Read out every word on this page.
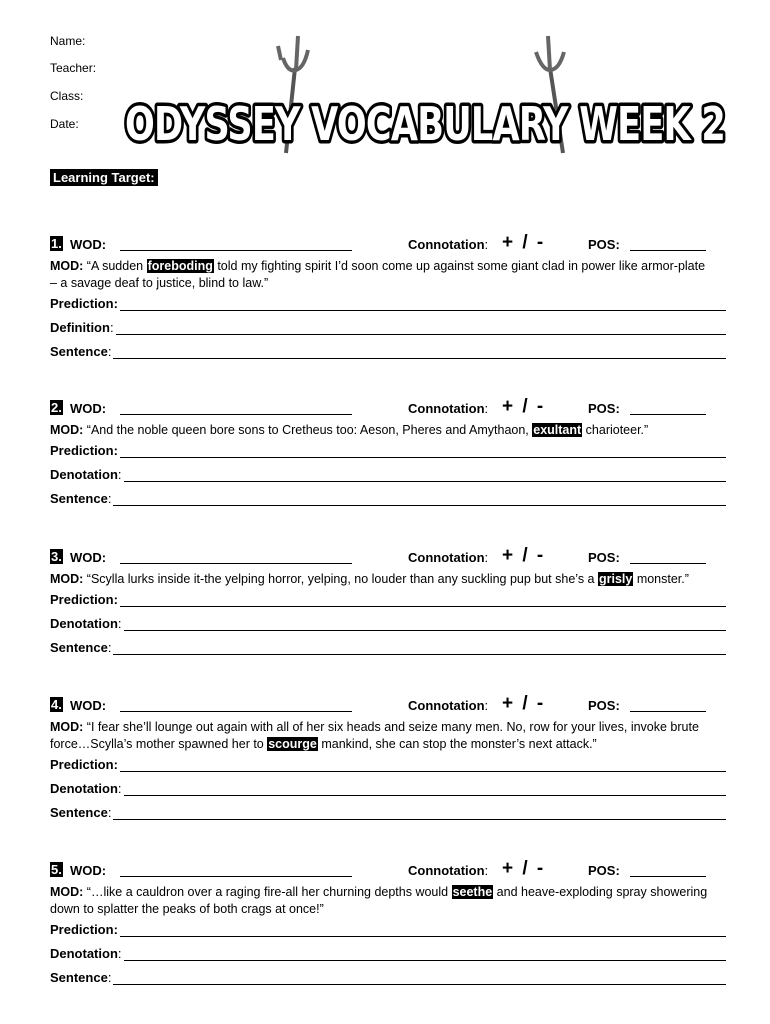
Name:
Teacher:
Class:
Date: ODYSSEY VOCABULARY WEEK 2
Learning Target:
1. WOD:	Connotation: + / -	POS:
MOD: “A sudden foreboding told my fighting spirit I’d soon come up against some giant clad in power like armor-plate – a savage deaf to justice, blind to law.”
Prediction:
Definition:
Sentence:
2. WOD:	Connotation: + / -	POS:
MOD: “And the noble queen bore sons to Cretheus too: Aeson, Pheres and Amythaon, exultant charioteer.”
Prediction:
Denotation:
Sentence:
3. WOD:	Connotation: + / -	POS:
MOD: “Scylla lurks inside it-the yelping horror, yelping, no louder than any suckling pup but she’s a grisly monster.”
Prediction:
Denotation:
Sentence:
4. WOD:	Connotation: + / -	POS:
MOD: “I fear she’ll lounge out again with all of her six heads and seize many men. No, row for your lives, invoke brute force…Scylla’s mother spawned her to scourge mankind, she can stop the monster’s next attack.”
Prediction:
Denotation:
Sentence:
5. WOD:	Connotation: + / -	POS:
MOD: “…like a cauldron over a raging fire-all her churning depths would seethe and heave-exploding spray showering down to splatter the peaks of both crags at once!”
Prediction:
Denotation:
Sentence:
